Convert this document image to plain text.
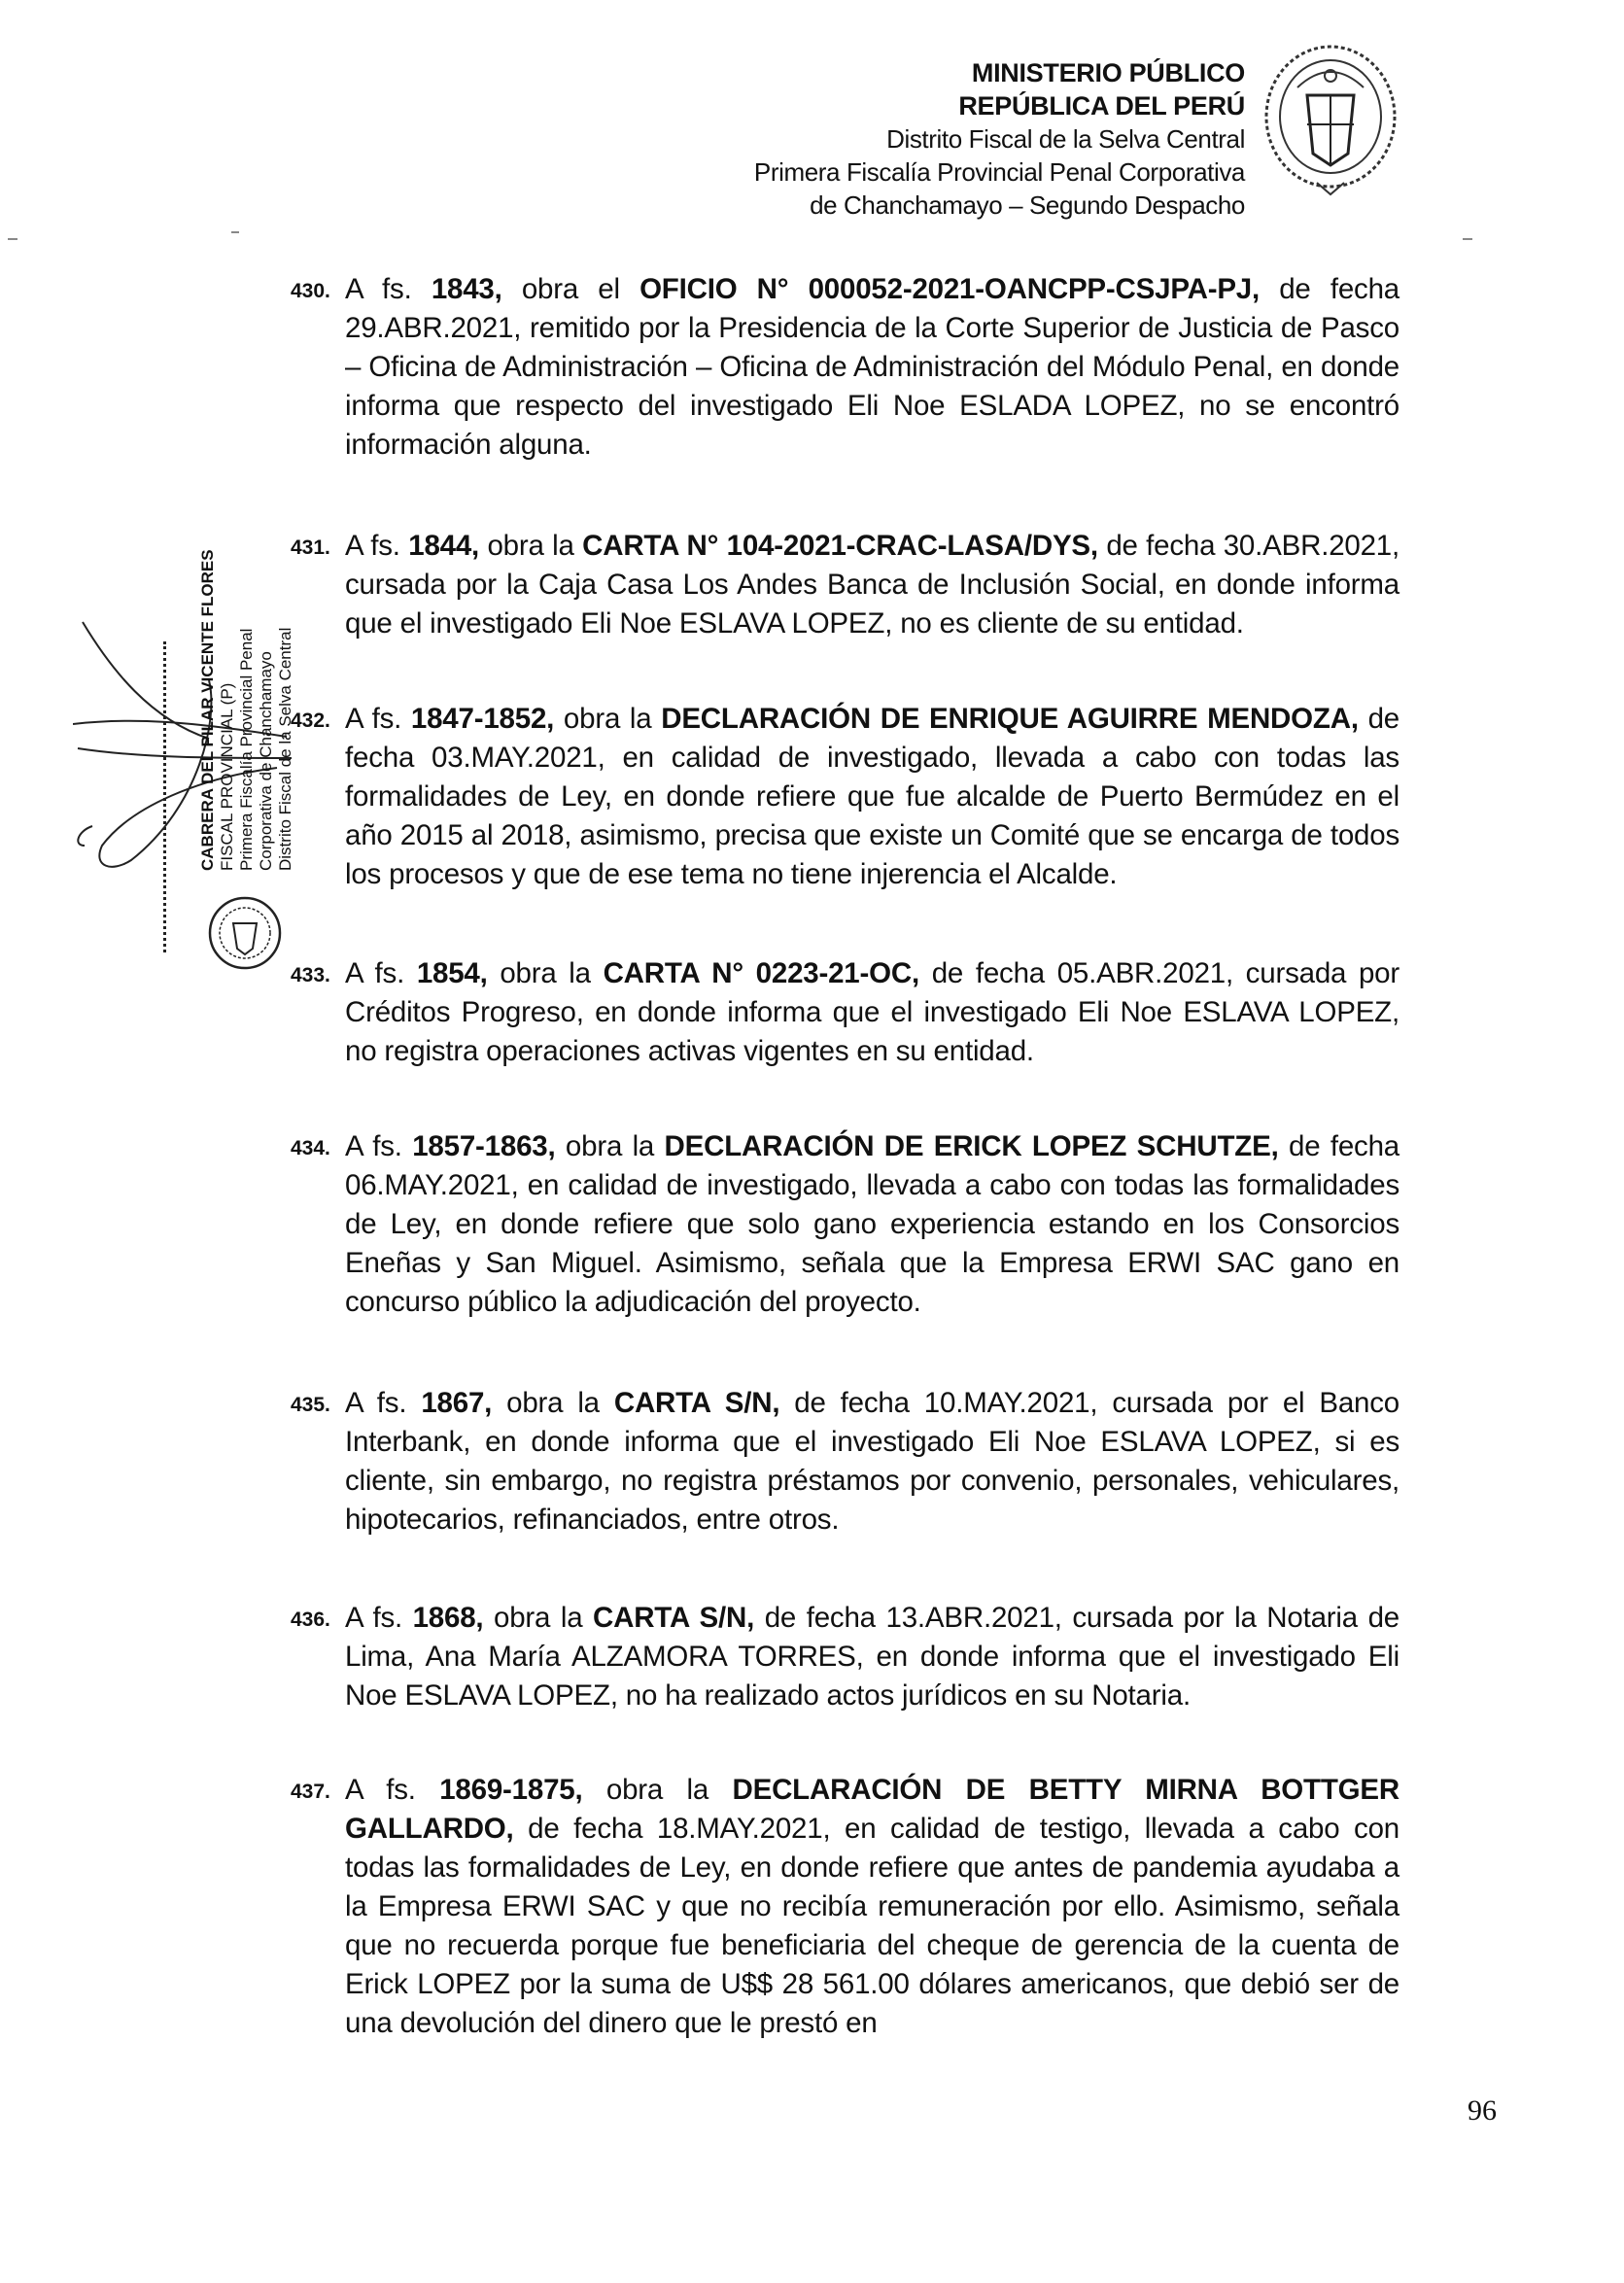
MINISTERIO PÚBLICO
REPÚBLICA DEL PERÚ
Distrito Fiscal de la Selva Central
Primera Fiscalía Provincial Penal Corporativa
de Chanchamayo – Segundo Despacho
CABRERA DEL PILAR VICENTE FLORES FISCAL PROVINCIAL (P) Primera Fiscalía Provincial Penal Corporativa de Chanchamayo Distrito Fiscal de la Selva Central
430. A fs. 1843, obra el OFICIO N° 000052-2021-OANCPP-CSJPA-PJ, de fecha 29.ABR.2021, remitido por la Presidencia de la Corte Superior de Justicia de Pasco – Oficina de Administración – Oficina de Administración del Módulo Penal, en donde informa que respecto del investigado Eli Noe ESLADA LOPEZ, no se encontró información alguna.
431. A fs. 1844, obra la CARTA N° 104-2021-CRAC-LASA/DYS, de fecha 30.ABR.2021, cursada por la Caja Casa Los Andes Banca de Inclusión Social, en donde informa que el investigado Eli Noe ESLAVA LOPEZ, no es cliente de su entidad.
432. A fs. 1847-1852, obra la DECLARACIÓN DE ENRIQUE AGUIRRE MENDOZA, de fecha 03.MAY.2021, en calidad de investigado, llevada a cabo con todas las formalidades de Ley, en donde refiere que fue alcalde de Puerto Bermúdez en el año 2015 al 2018, asimismo, precisa que existe un Comité que se encarga de todos los procesos y que de ese tema no tiene injerencia el Alcalde.
433. A fs. 1854, obra la CARTA N° 0223-21-OC, de fecha 05.ABR.2021, cursada por Créditos Progreso, en donde informa que el investigado Eli Noe ESLAVA LOPEZ, no registra operaciones activas vigentes en su entidad.
434. A fs. 1857-1863, obra la DECLARACIÓN DE ERICK LOPEZ SCHUTZE, de fecha 06.MAY.2021, en calidad de investigado, llevada a cabo con todas las formalidades de Ley, en donde refiere que solo gano experiencia estando en los Consorcios Eneñas y San Miguel. Asimismo, señala que la Empresa ERWI SAC gano en concurso público la adjudicación del proyecto.
435. A fs. 1867, obra la CARTA S/N, de fecha 10.MAY.2021, cursada por el Banco Interbank, en donde informa que el investigado Eli Noe ESLAVA LOPEZ, si es cliente, sin embargo, no registra préstamos por convenio, personales, vehiculares, hipotecarios, refinanciados, entre otros.
436. A fs. 1868, obra la CARTA S/N, de fecha 13.ABR.2021, cursada por la Notaria de Lima, Ana María ALZAMORA TORRES, en donde informa que el investigado Eli Noe ESLAVA LOPEZ, no ha realizado actos jurídicos en su Notaria.
437. A fs. 1869-1875, obra la DECLARACIÓN DE BETTY MIRNA BOTTGER GALLARDO, de fecha 18.MAY.2021, en calidad de testigo, llevada a cabo con todas las formalidades de Ley, en donde refiere que antes de pandemia ayudaba a la Empresa ERWI SAC y que no recibía remuneración por ello. Asimismo, señala que no recuerda porque fue beneficiaria del cheque de gerencia de la cuenta de Erick LOPEZ por la suma de U$$ 28 561.00 dólares americanos, que debió ser de una devolución del dinero que le prestó en
96
